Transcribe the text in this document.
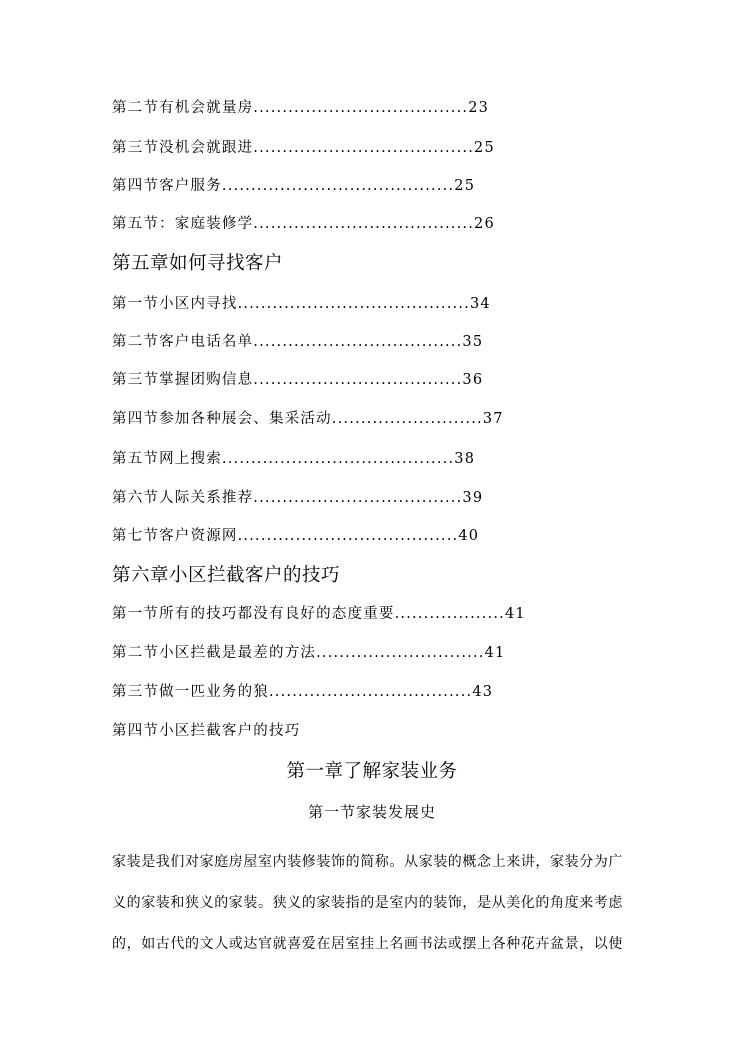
第二节有机会就量房.....................................23
第三节没机会就跟进......................................25
第四节客户服务........................................25
第五节：家庭装修学......................................26
第五章如何寻找客户
第一节小区内寻找........................................34
第二节客户电话名单....................................35
第三节掌握团购信息....................................36
第四节参加各种展会、集采活动..........................37
第五节网上搜索........................................38
第六节人际关系推荐....................................39
第七节客户资源网......................................40
第六章小区拦截客户的技巧
第一节所有的技巧都没有良好的态度重要...................41
第二节小区拦截是最差的方法.............................41
第三节做一匹业务的狼...................................43
第四节小区拦截客户的技巧
第一章了解家装业务
第一节家装发展史
家装是我们对家庭房屋室内装修装饰的简称。从家装的概念上来讲，家装分为广
义的家装和狭义的家装。狭义的家装指的是室内的装饰，是从美化的角度来考虑
的，如古代的文人或达官就喜爱在居室挂上名画书法或摆上各种花卉盆景，以使
